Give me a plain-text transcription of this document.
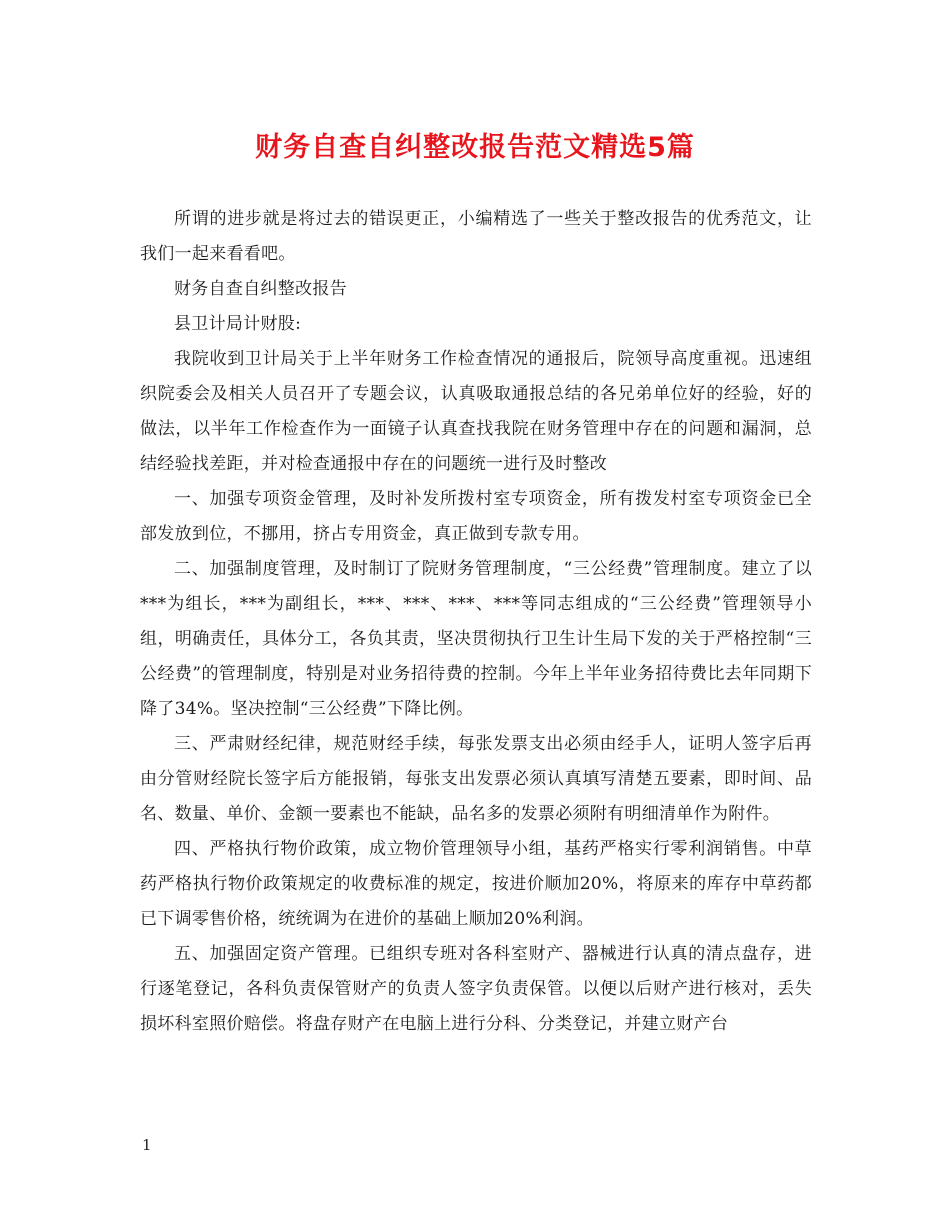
财务自查自纠整改报告范文精选5篇

所谓的进步就是将过去的错误更正，小编精选了一些关于整改报告的优秀范文，让我们一起来看看吧。

财务自查自纠整改报告

县卫计局计财股:

我院收到卫计局关于上半年财务工作检查情况的通报后，院领导高度重视。迅速组织院委会及相关人员召开了专题会议，认真吸取通报总结的各兄弟单位好的经验，好的做法，以半年工作检查作为一面镜子认真查找我院在财务管理中存在的问题和漏洞，总结经验找差距，并对检查通报中存在的问题统一进行及时整改

一、加强专项资金管理，及时补发所拨村室专项资金，所有拨发村室专项资金已全部发放到位，不挪用，挤占专用资金，真正做到专款专用。

二、加强制度管理，及时制订了院财务管理制度，“三公经费”管理制度。建立了以***为组长，***为副组长，***、***、***、***等同志组成的“三公经费”管理领导小组，明确责任，具体分工，各负其责，坚决贯彻执行卫生计生局下发的关于严格控制“三公经费”的管理制度，特别是对业务招待费的控制。今年上半年业务招待费比去年同期下降了34%。坚决控制“三公经费”下降比例。

三、严肃财经纪律，规范财经手续，每张发票支出必须由经手人，证明人签字后再由分管财经院长签字后方能报销，每张支出发票必须认真填写清楚五要素，即时间、品名、数量、单价、金额一要素也不能缺，品名多的发票必须附有明细清单作为附件。

四、严格执行物价政策，成立物价管理领导小组，基药严格实行零利润销售。中草药严格执行物价政策规定的收费标准的规定，按进价顺加20%，将原来的库存中草药都已下调零售价格，统统调为在进价的基础上顺加20%利润。

五、加强固定资产管理。已组织专班对各科室财产、器械进行认真的清点盘存，进行逐笔登记，各科负责保管财产的负责人签字负责保管。以便以后财产进行核对，丢失损坏科室照价赔偿。将盘存财产在电脑上进行分科、分类登记，并建立财产台

1
